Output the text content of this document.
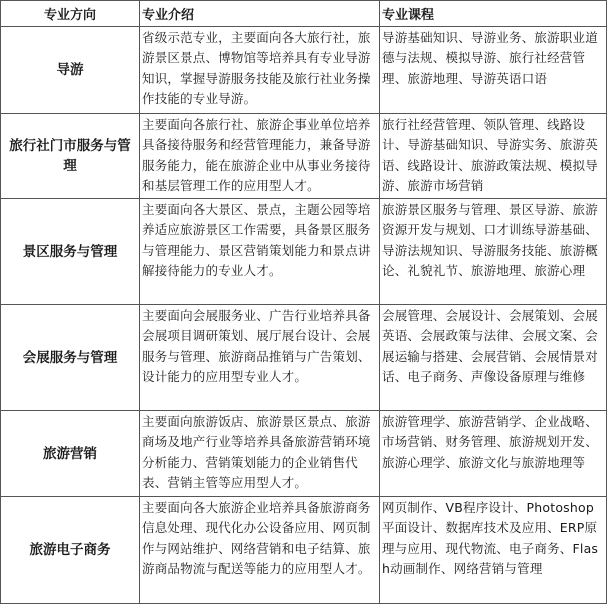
专业方向	专业介绍	专业课程
导游	省级示范专业，主要面向各大旅行社，旅游景区景点、博物馆等培养具有专业导游知识，掌握导游服务技能及旅行社业务操作技能的专业导游。	导游基础知识、导游业务、旅游职业道德与法规、模拟导游、旅行社经营管理、旅游地理、导游英语口语
旅行社门市服务与管理	主要面向各旅行社、旅游企事业单位培养具备接待服务和经营管理能力，兼备导游服务能力，能在旅游企业中从事业务接待和基层管理工作的应用型人才。	旅行社经营管理、领队管理、线路设计、导游基础知识、导游实务、旅游英语、线路设计、旅游政策法规、模拟导游、旅游市场营销
景区服务与管理	主要面向各大景区、景点，主题公园等培养适应旅游景区工作需要，具备景区服务与管理能力、景区营销策划能力和景点讲解接待能力的专业人才。	旅游景区服务与管理、景区导游、旅游资源开发与规划、口才训练导游基础、导游法规知识、导游服务技能、旅游概论、礼貌礼节、旅游地理、旅游心理
会展服务与管理	主要面向会展服务业、广告行业培养具备会展项目调研策划、展厅展台设计、会展服务与管理、旅游商品推销与广告策划、设计能力的应用型专业人才。	会展管理、会展设计、会展策划、会展英语、会展政策与法律、会展文案、会展运输与搭建、会展营销、会展情景对话、电子商务、声像设备原理与维修
旅游营销	主要面向旅游饭店、旅游景区景点、旅游商场及地产行业等培养具备旅游营销环境分析能力、营销策划能力的企业销售代表、营销主管等应用型人才。	旅游管理学、旅游营销学、企业战略、市场营销、财务管理、旅游规划开发、旅游心理学、旅游文化与旅游地理等
旅游电子商务	主要面向各大旅游企业培养具备旅游商务信息处理、现代化办公设备应用、网页制作与网站维护、网络营销和电子结算、旅游商品物流与配送等能力的应用型人才。	网页制作、VB程序设计、Photoshop平面设计、数据库技术及应用、ERP原理与应用、现代物流、电子商务、Flash动画制作、网络营销与管理
